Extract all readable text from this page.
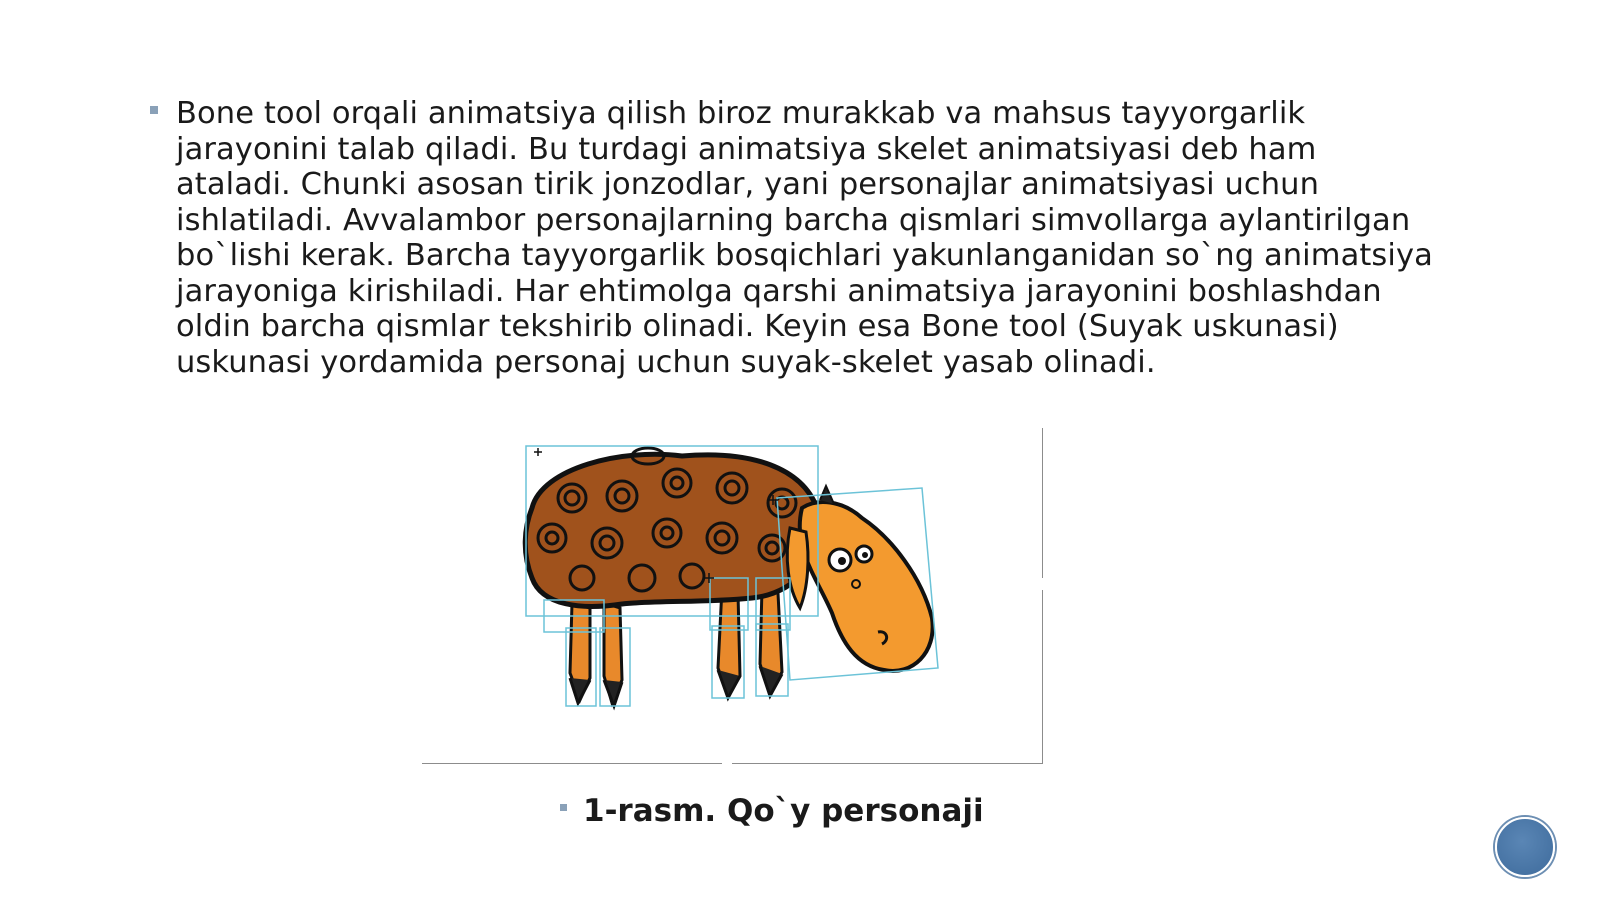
Bone tool orqali animatsiya qilish biroz murakkab va mahsus tayyorgarlik
jarayonini talab qiladi. Bu turdagi animatsiya skelet animatsiyasi deb ham
ataladi. Chunki asosan tirik jonzodlar, yani personajlar animatsiyasi uchun
ishlatiladi. Avvalambor personajlarning barcha qismlari simvollarga aylantirilgan
bo`lishi kerak. Barcha tayyorgarlik bosqichlari yakunlanganidan so`ng animatsiya
jarayoniga kirishiladi. Har ehtimolga qarshi animatsiya jarayonini boshlashdan
oldin barcha qismlar tekshirib olinadi. Keyin esa Bone tool (Suyak uskunasi)
uskunasi yordamida personaj uchun suyak-skelet yasab olinadi.
1-rasm. Qo`y personaji
